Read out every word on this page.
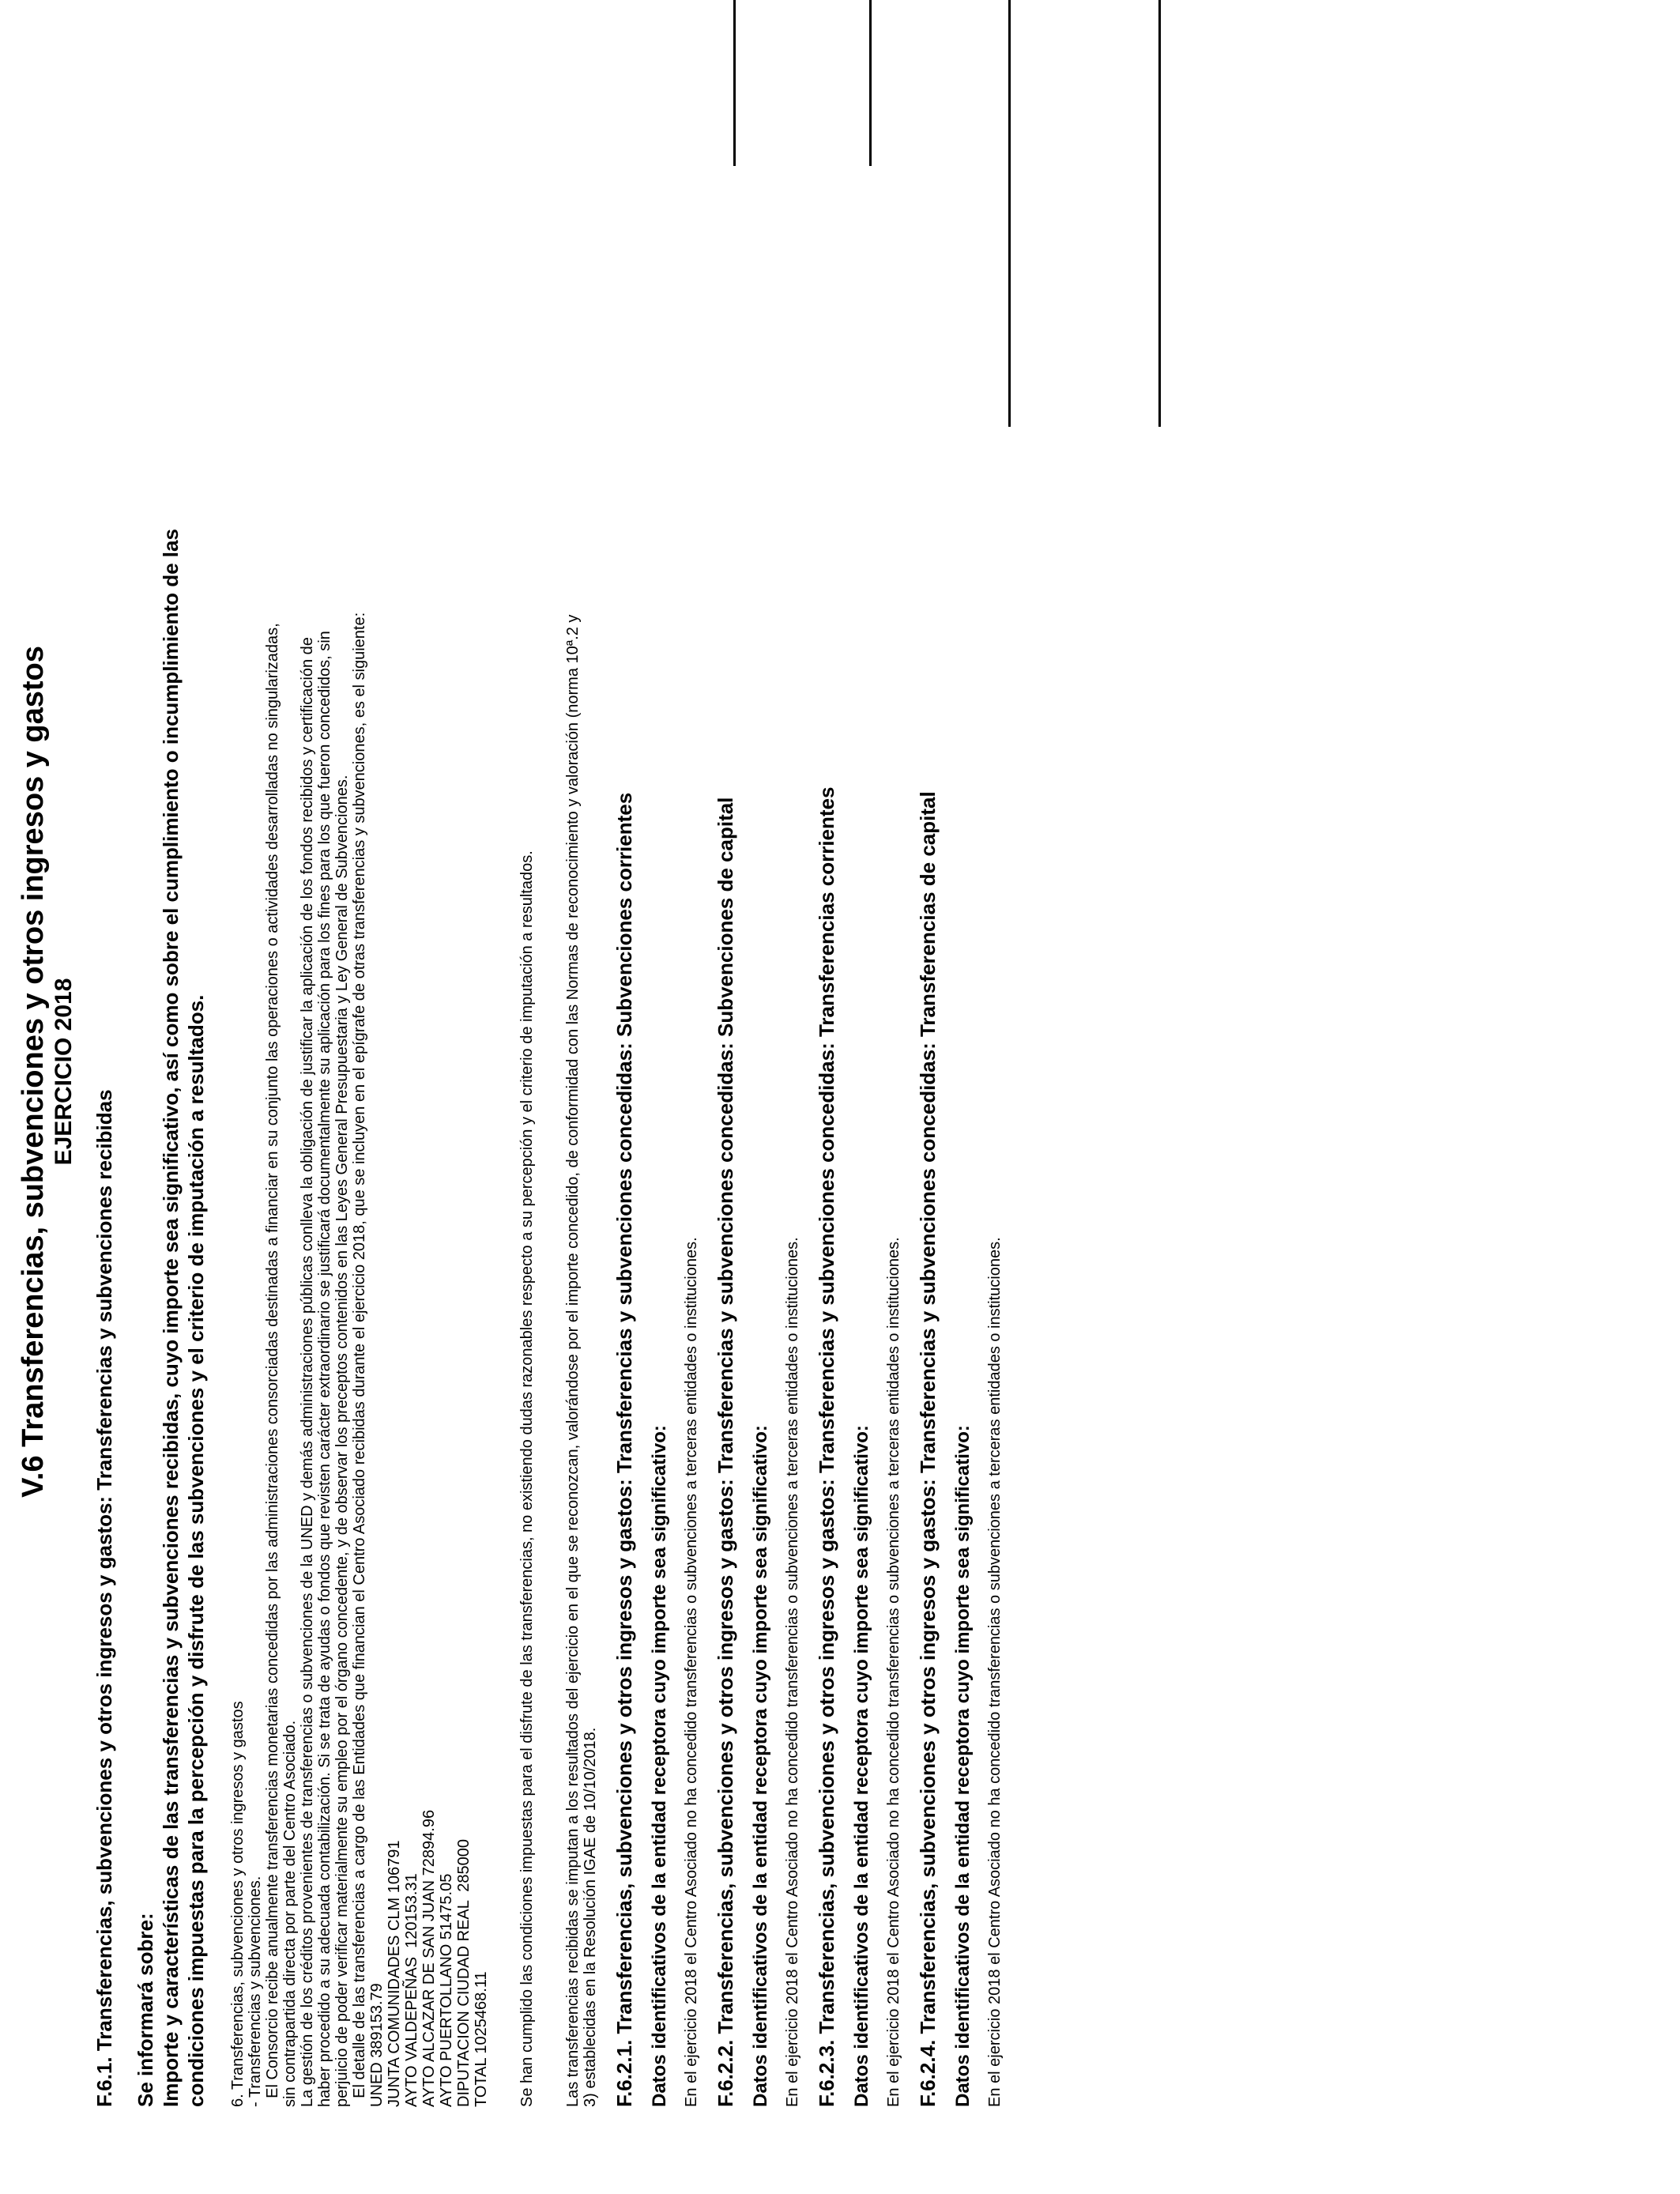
V.6 Transferencias, subvenciones y otros ingresos y gastos EJERCICIO 2018
F.6.1. Transferencias, subvenciones y otros ingresos y gastos: Transferencias y subvenciones recibidas Se informará sobre: Importe y características de las transferencias y subvenciones recibidas, cuyo importe sea significativo, así como sobre el cumplimiento o incumplimiento de las condiciones impuestas para la percepción y disfrute de las subvenciones y el criterio de imputación a resultados. 6. Transferencias, subvenciones y otros ingresos y gastos - Transferencias y subvenciones. El Consorcio recibe anualmente transferencias monetarias concedidas por las administraciones consorciadas destinadas a financiar en su conjunto las operaciones o actividades desarrolladas no singularizadas, sin contrapartida directa por parte del Centro Asociado. La gestión de los créditos provenientes de transferencias o subvenciones de la UNED y demás administraciones públicas conlleva la obligación de justificar la aplicación de los fondos recibidos y certificación de haber procedido a su adecuada contabilización. Si se trata de ayudas o fondos que revisten carácter extraordinario se justificará documentalmente su aplicación para los fines para los que fueron concedidos, sin perjuicio de poder verificar materialmente su empleo por el órgano concedente, y de observar los preceptos contenidos en las Leyes General Presupuestaria y Ley General de Subvenciones. El detalle de las transferencias a cargo de las Entidades que financian el Centro Asociado recibidas durante el ejercicio 2018, que se incluyen en el epígrafe de otras transferencias y subvenciones, es el siguiente: UNED 389153.79 JUNTA COMUNIDADES CLM 106791 AYTO VALDEPEÑAS  120153.31 AYTO ALCAZAR DE SAN JUAN 72894.96 AYTO PUERTOLLANO 51475.05 DIPUTACION CIUDAD REAL  285000 TOTAL 1025468.11 Se han cumplido las condiciones impuestas para el disfrute de las transferencias, no existiendo dudas razonables respecto a su percepción y el criterio de imputación a resultados. Las transferencias recibidas se imputan a los resultados del ejercicio en el que se reconozcan, valorándose por el importe concedido, de conformidad con las Normas de reconocimiento y valoración (norma 10ª.2 y 3) establecidas en la Resolución IGAE de 10/10/2018. F.6.2.1. Transferencias, subvenciones y otros ingresos y gastos: Transferencias y subvenciones concedidas: Subvenciones corrientes Datos identificativos de la entidad receptora cuyo importe sea significativo: En el ejercicio 2018 el Centro Asociado no ha concedido transferencias o subvenciones a terceras entidades o instituciones. F.6.2.2. Transferencias, subvenciones y otros ingresos y gastos: Transferencias y subvenciones concedidas: Subvenciones de capital Datos identificativos de la entidad receptora cuyo importe sea significativo: En el ejercicio 2018 el Centro Asociado no ha concedido transferencias o subvenciones a terceras entidades o instituciones. F.6.2.3. Transferencias, subvenciones y otros ingresos y gastos: Transferencias y subvenciones concedidas: Transferencias corrientes Datos identificativos de la entidad receptora cuyo importe sea significativo: En el ejercicio 2018 el Centro Asociado no ha concedido transferencias o subvenciones a terceras entidades o instituciones. F.6.2.4. Transferencias, subvenciones y otros ingresos y gastos: Transferencias y subvenciones concedidas: Transferencias de capital Datos identificativos de la entidad receptora cuyo importe sea significativo: En el ejercicio 2018 el Centro Asociado no ha concedido transferencias o subvenciones a terceras entidades o instituciones.
